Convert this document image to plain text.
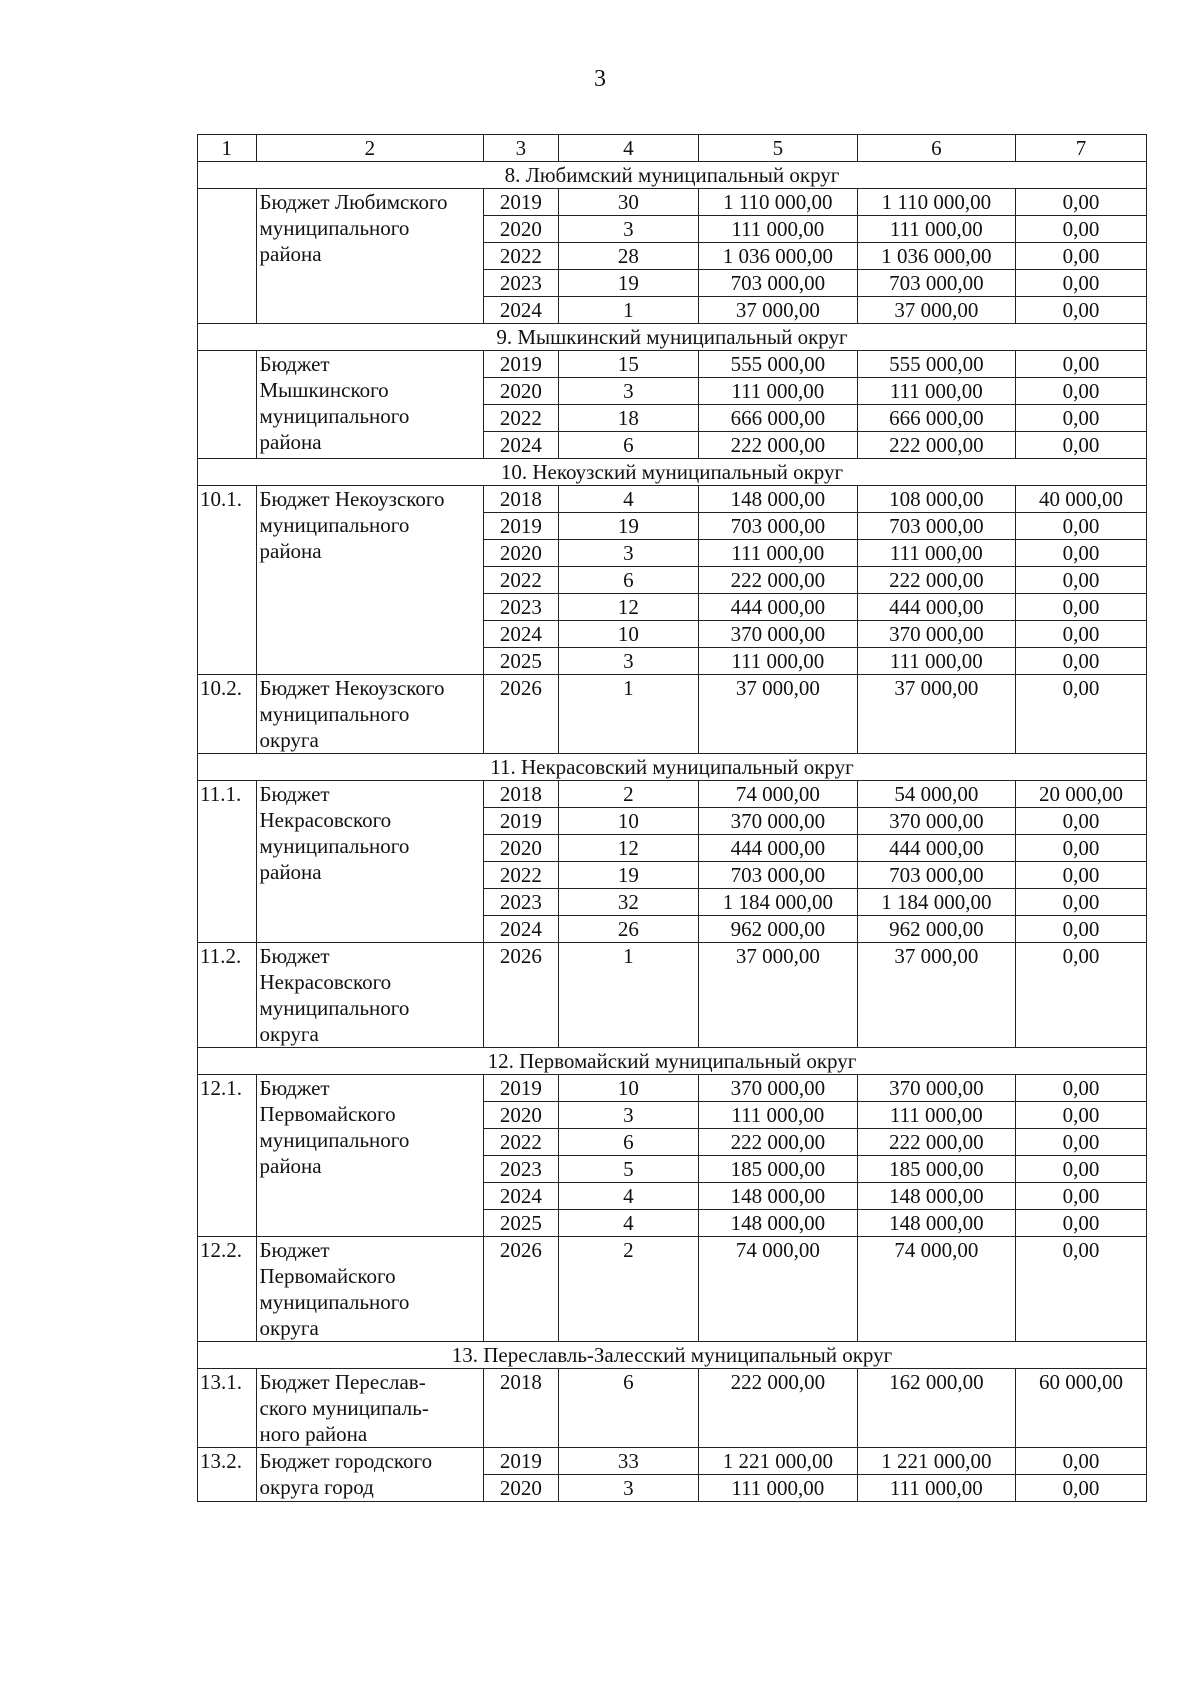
3
1	2	3	4	5	6	7
8. Любимский муниципальный округ						

	Бюджет Любимского
муниципального
района	2019	30	1 110 000,00	1 110 000,00	0,00
		2020	3	111 000,00	111 000,00	0,00
		2022	28	1 036 000,00	1 036 000,00	0,00
		2023	19	703 000,00	703 000,00	0,00
		2024	1	37 000,00	37 000,00	0,00
9. Мышкинский муниципальный округ						

	Бюджет
Мышкинского
муниципального
района	2019	15	555 000,00	555 000,00	0,00
		2020	3	111 000,00	111 000,00	0,00
		2022	18	666 000,00	666 000,00	0,00
		2024	6	222 000,00	222 000,00	0,00
10. Некоузский муниципальный округ						
10.1.	Бюджет Некоузского
муниципального
района	2018	4	148 000,00	108 000,00	40 000,00
		2019	19	703 000,00	703 000,00	0,00
		2020	3	111 000,00	111 000,00	0,00
		2022	6	222 000,00	222 000,00	0,00
		2023	12	444 000,00	444 000,00	0,00
		2024	10	370 000,00	370 000,00	0,00
		2025	3	111 000,00	111 000,00	0,00
10.2.	Бюджет Некоузского
муниципального
округа	2026	1	37 000,00	37 000,00	0,00

11. Некрасовский муниципальный округ						
11.1.	Бюджет
Некрасовского
муниципального
района	2018	2	74 000,00	54 000,00	20 000,00
		2019	10	370 000,00	370 000,00	0,00
		2020	12	444 000,00	444 000,00	0,00
		2022	19	703 000,00	703 000,00	0,00
		2023	32	1 184 000,00	1 184 000,00	0,00
		2024	26	962 000,00	962 000,00	0,00
11.2.	Бюджет
Некрасовского
муниципального
округа	2026	1	37 000,00	37 000,00	0,00

12. Первомайский муниципальный округ						
12.1.	Бюджет
Первомайского
муниципального
района	2019	10	370 000,00	370 000,00	0,00
		2020	3	111 000,00	111 000,00	0,00
		2022	6	222 000,00	222 000,00	0,00
		2023	5	185 000,00	185 000,00	0,00
		2024	4	148 000,00	148 000,00	0,00
		2025	4	148 000,00	148 000,00	0,00
12.2.	Бюджет
Первомайского
муниципального
округа	2026	2	74 000,00	74 000,00	0,00

13. Переславль-Залесский муниципальный округ						
13.1.	Бюджет Переслав-
ского муниципаль-
ного района	2018	6	222 000,00	162 000,00	60 000,00

13.2.	Бюджет городского
округа город	2019	33	1 221 000,00	1 221 000,00	0,00
		2020	3	111 000,00	111 000,00	0,00
